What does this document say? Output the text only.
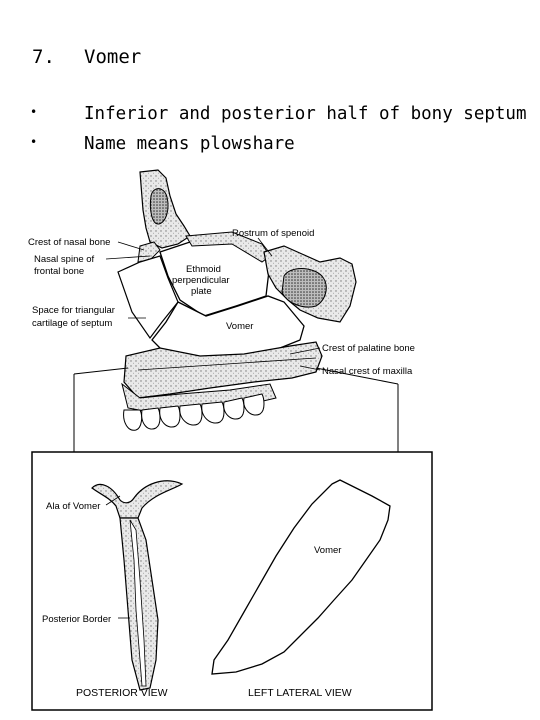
7. Vomer
•	Inferior and posterior half of bony septum
•	Name means plowshare
Crest of nasal bone
Nasal spine of
frontal bone
Rostrum of spenoid
Ethmoid
perpendicular
plate
Space for triangular
cartilage of septum	Vomer
Crest of palatine bone
Nasal crest of maxilla
Ala of Vomer
Posterior Border
Vomer
POSTERIOR VIEW	LEFT LATERAL VIEW
